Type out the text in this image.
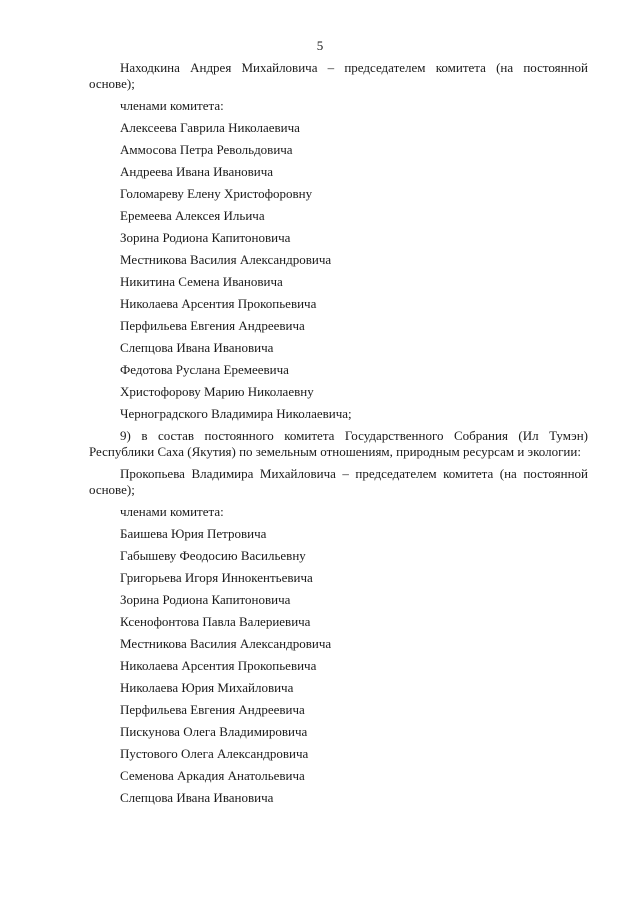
5

Находкина Андрея Михайловича – председателем комитета (на постоянной основе);

членами комитета:
Алексеева Гаврила Николаевича
Аммосова Петра Револьдовича
Андреева Ивана Ивановича
Голомареву Елену Христофоровну
Еремеева Алексея Ильича
Зорина Родиона Капитоновича
Местникова Василия Александровича
Никитина Семена Ивановича
Николаева Арсентия Прокопьевича
Перфильева Евгения Андреевича
Слепцова Ивана Ивановича
Федотова Руслана Еремеевича
Христофорову Марию Николаевну
Черноградского Владимира Николаевича;

9) в состав постоянного комитета Государственного Собрания (Ил Тумэн) Республики Саха (Якутия) по земельным отношениям, природным ресурсам и экологии:

Прокопьева Владимира Михайловича – председателем комитета (на постоянной основе);

членами комитета:
Баишева Юрия Петровича
Габышеву Феодосию Васильевну
Григорьева Игоря Иннокентьевича
Зорина Родиона Капитоновича
Ксенофонтова Павла Валериевича
Местникова Василия Александровича
Николаева Арсентия Прокопьевича
Николаева Юрия Михайловича
Перфильева Евгения Андреевича
Пискунова Олега Владимировича
Пустового Олега Александровича
Семенова Аркадия Анатольевича
Слепцова Ивана Ивановича
